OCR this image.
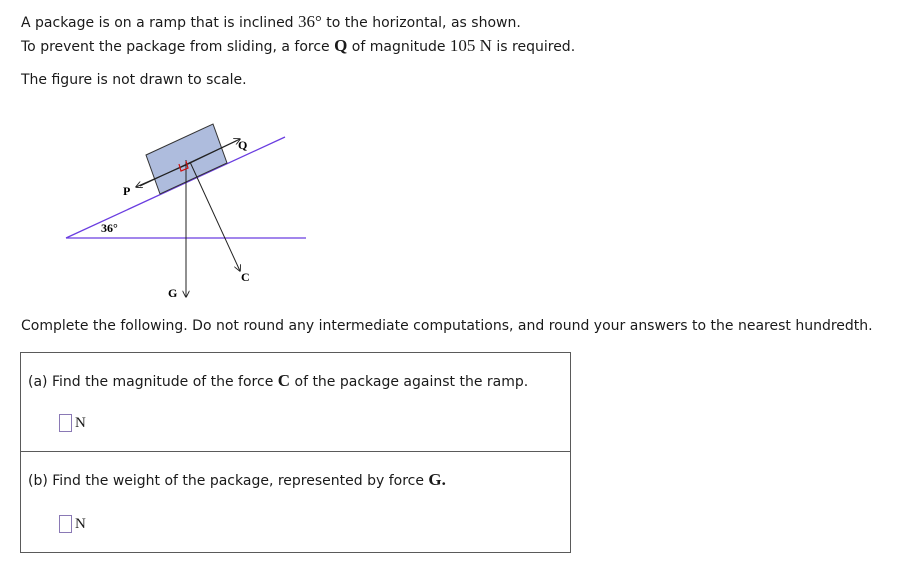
A package is on a ramp that is inclined 36° to the horizontal, as shown.
To prevent the package from sliding, a force Q of magnitude 105 N is required.
The figure is not drawn to scale.
Q
P
36°
C
G
Complete the following. Do not round any intermediate computations, and round your answers to the nearest hundredth.
(a) Find the magnitude of the force C of the package against the ramp.
N
(b) Find the weight of the package, represented by force G.
N
